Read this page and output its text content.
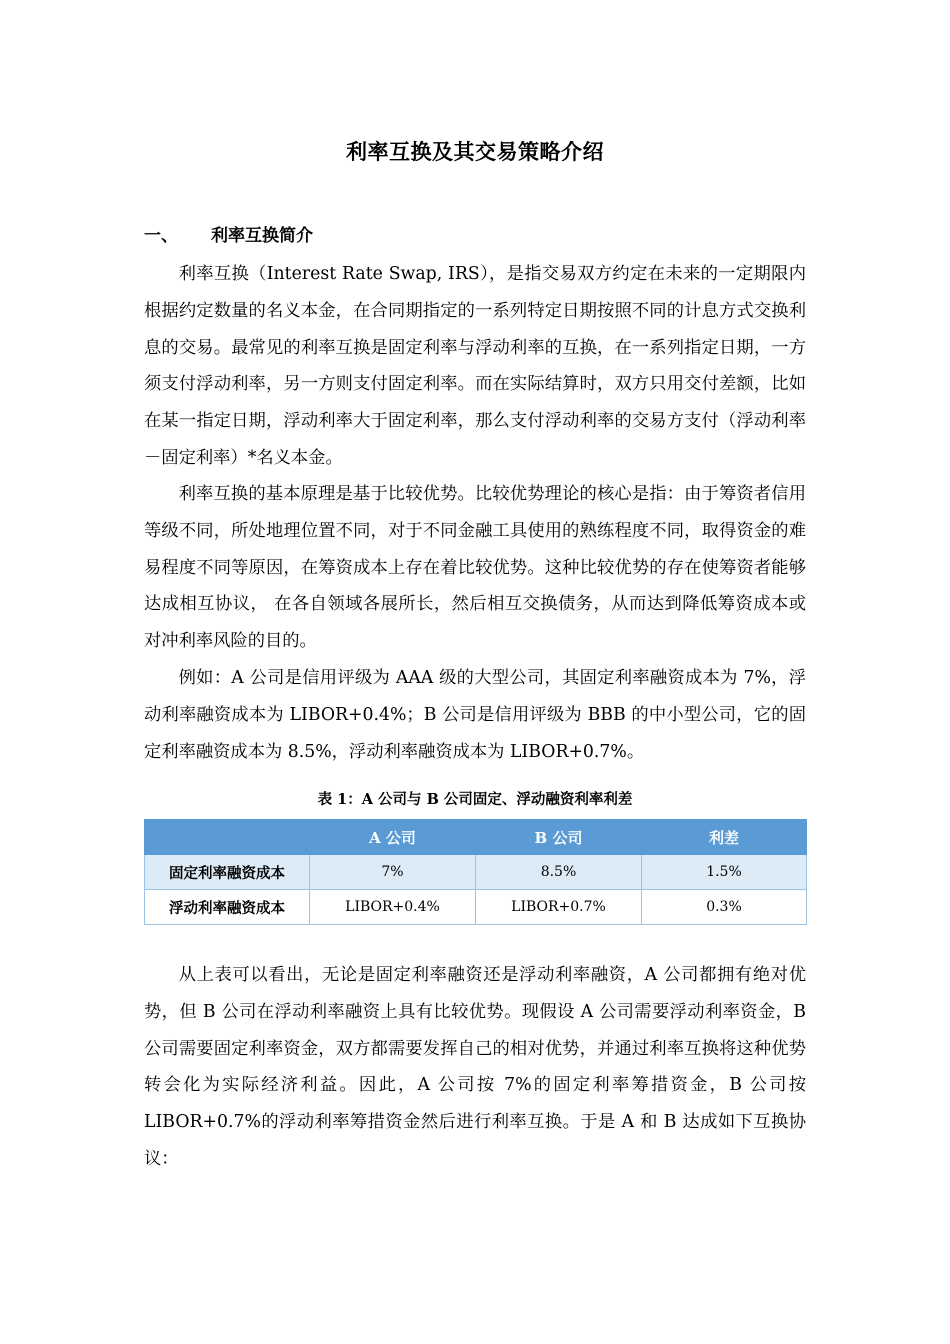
利率互换及其交易策略介绍
一、 利率互换简介

利率互换（Interest Rate Swap, IRS），是指交易双方约定在未来的一定期限内根据约定数量的名义本金，在合同期指定的一系列特定日期按照不同的计息方式交换利息的交易。最常见的利率互换是固定利率与浮动利率的互换，在一系列指定日期，一方须支付浮动利率，另一方则支付固定利率。而在实际结算时，双方只用交付差额，比如在某一指定日期，浮动利率大于固定利率，那么支付浮动利率的交易方支付（浮动利率－固定利率）*名义本金。

利率互换的基本原理是基于比较优势。比较优势理论的核心是指：由于筹资者信用等级不同，所处地理位置不同，对于不同金融工具使用的熟练程度不同，取得资金的难易程度不同等原因，在筹资成本上存在着比较优势。这种比较优势的存在使筹资者能够达成相互协议， 在各自领域各展所长，然后相互交换债务，从而达到降低筹资成本或对冲利率风险的目的。

例如：A 公司是信用评级为 AAA 级的大型公司，其固定利率融资成本为 7%，浮动利率融资成本为 LIBOR+0.4%；B 公司是信用评级为 BBB 的中小型公司，它的固定利率融资成本为 8.5%，浮动利率融资成本为 LIBOR+0.7%。

表 1：A 公司与 B 公司固定、浮动融资利率利差
	A 公司	B 公司	利差
固定利率融资成本	7%	8.5%	1.5%
浮动利率融资成本	LIBOR+0.4%	LIBOR+0.7%	0.3%

从上表可以看出，无论是固定利率融资还是浮动利率融资，A 公司都拥有绝对优势，但 B 公司在浮动利率融资上具有比较优势。现假设 A 公司需要浮动利率资金，B 公司需要固定利率资金，双方都需要发挥自己的相对优势，并通过利率互换将这种优势转会化为实际经济利益。因此，A 公司按 7%的固定利率筹措资金，B 公司按 LIBOR+0.7%的浮动利率筹措资金然后进行利率互换。于是 A 和 B 达成如下互换协议：
